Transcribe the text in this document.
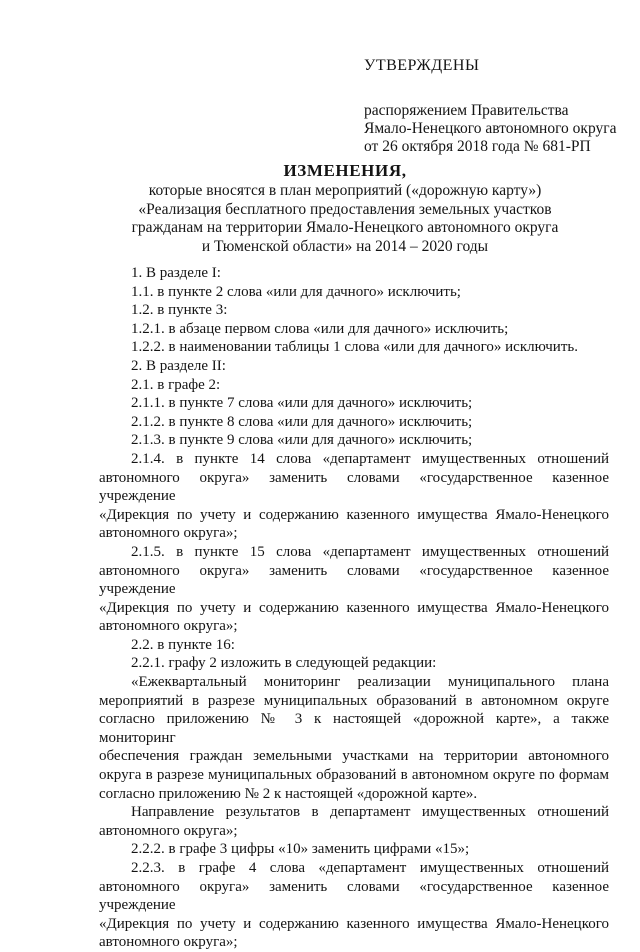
УТВЕРЖДЕНЫ
распоряжением Правительства
Ямало-Ненецкого автономного округа
от 26 октября 2018 года № 681-РП
ИЗМЕНЕНИЯ,
которые вносятся в план мероприятий («дорожную карту»)
«Реализация бесплатного предоставления земельных участков
гражданам на территории Ямало-Ненецкого автономного округа
и Тюменской области» на 2014 – 2020 годы
1. В разделе I:
1.1. в пункте 2 слова «или для дачного» исключить;
1.2. в пункте 3:
1.2.1. в абзаце первом слова «или для дачного» исключить;
1.2.2. в наименовании таблицы 1 слова «или для дачного» исключить.
2. В разделе II:
2.1. в графе 2:
2.1.1. в пункте 7 слова «или для дачного» исключить;
2.1.2. в пункте 8 слова «или для дачного» исключить;
2.1.3. в пункте 9 слова «или для дачного» исключить;
2.1.4. в пункте 14 слова «департамент имущественных отношений
автономного округа» заменить словами «государственное казенное учреждение
«Дирекция по учету и содержанию казенного имущества Ямало-Ненецкого
автономного округа»;
2.1.5. в пункте 15 слова «департамент имущественных отношений
автономного округа» заменить словами «государственное казенное учреждение
«Дирекция по учету и содержанию казенного имущества Ямало-Ненецкого
автономного округа»;
2.2. в пункте 16:
2.2.1. графу 2 изложить в следующей редакции:
«Ежеквартальный мониторинг реализации муниципального плана
мероприятий в разрезе муниципальных образований в автономном округе
согласно приложению № 3 к настоящей «дорожной карте», а также мониторинг
обеспечения граждан земельными участками на территории автономного
округа в разрезе муниципальных образований в автономном округе по формам
согласно приложению № 2 к настоящей «дорожной карте».
Направление результатов в департамент имущественных отношений
автономного округа»;
2.2.2. в графе 3 цифры «10» заменить цифрами «15»;
2.2.3. в графе 4 слова «департамент имущественных отношений
автономного округа» заменить словами «государственное казенное учреждение
«Дирекция по учету и содержанию казенного имущества Ямало-Ненецкого
автономного округа»;
